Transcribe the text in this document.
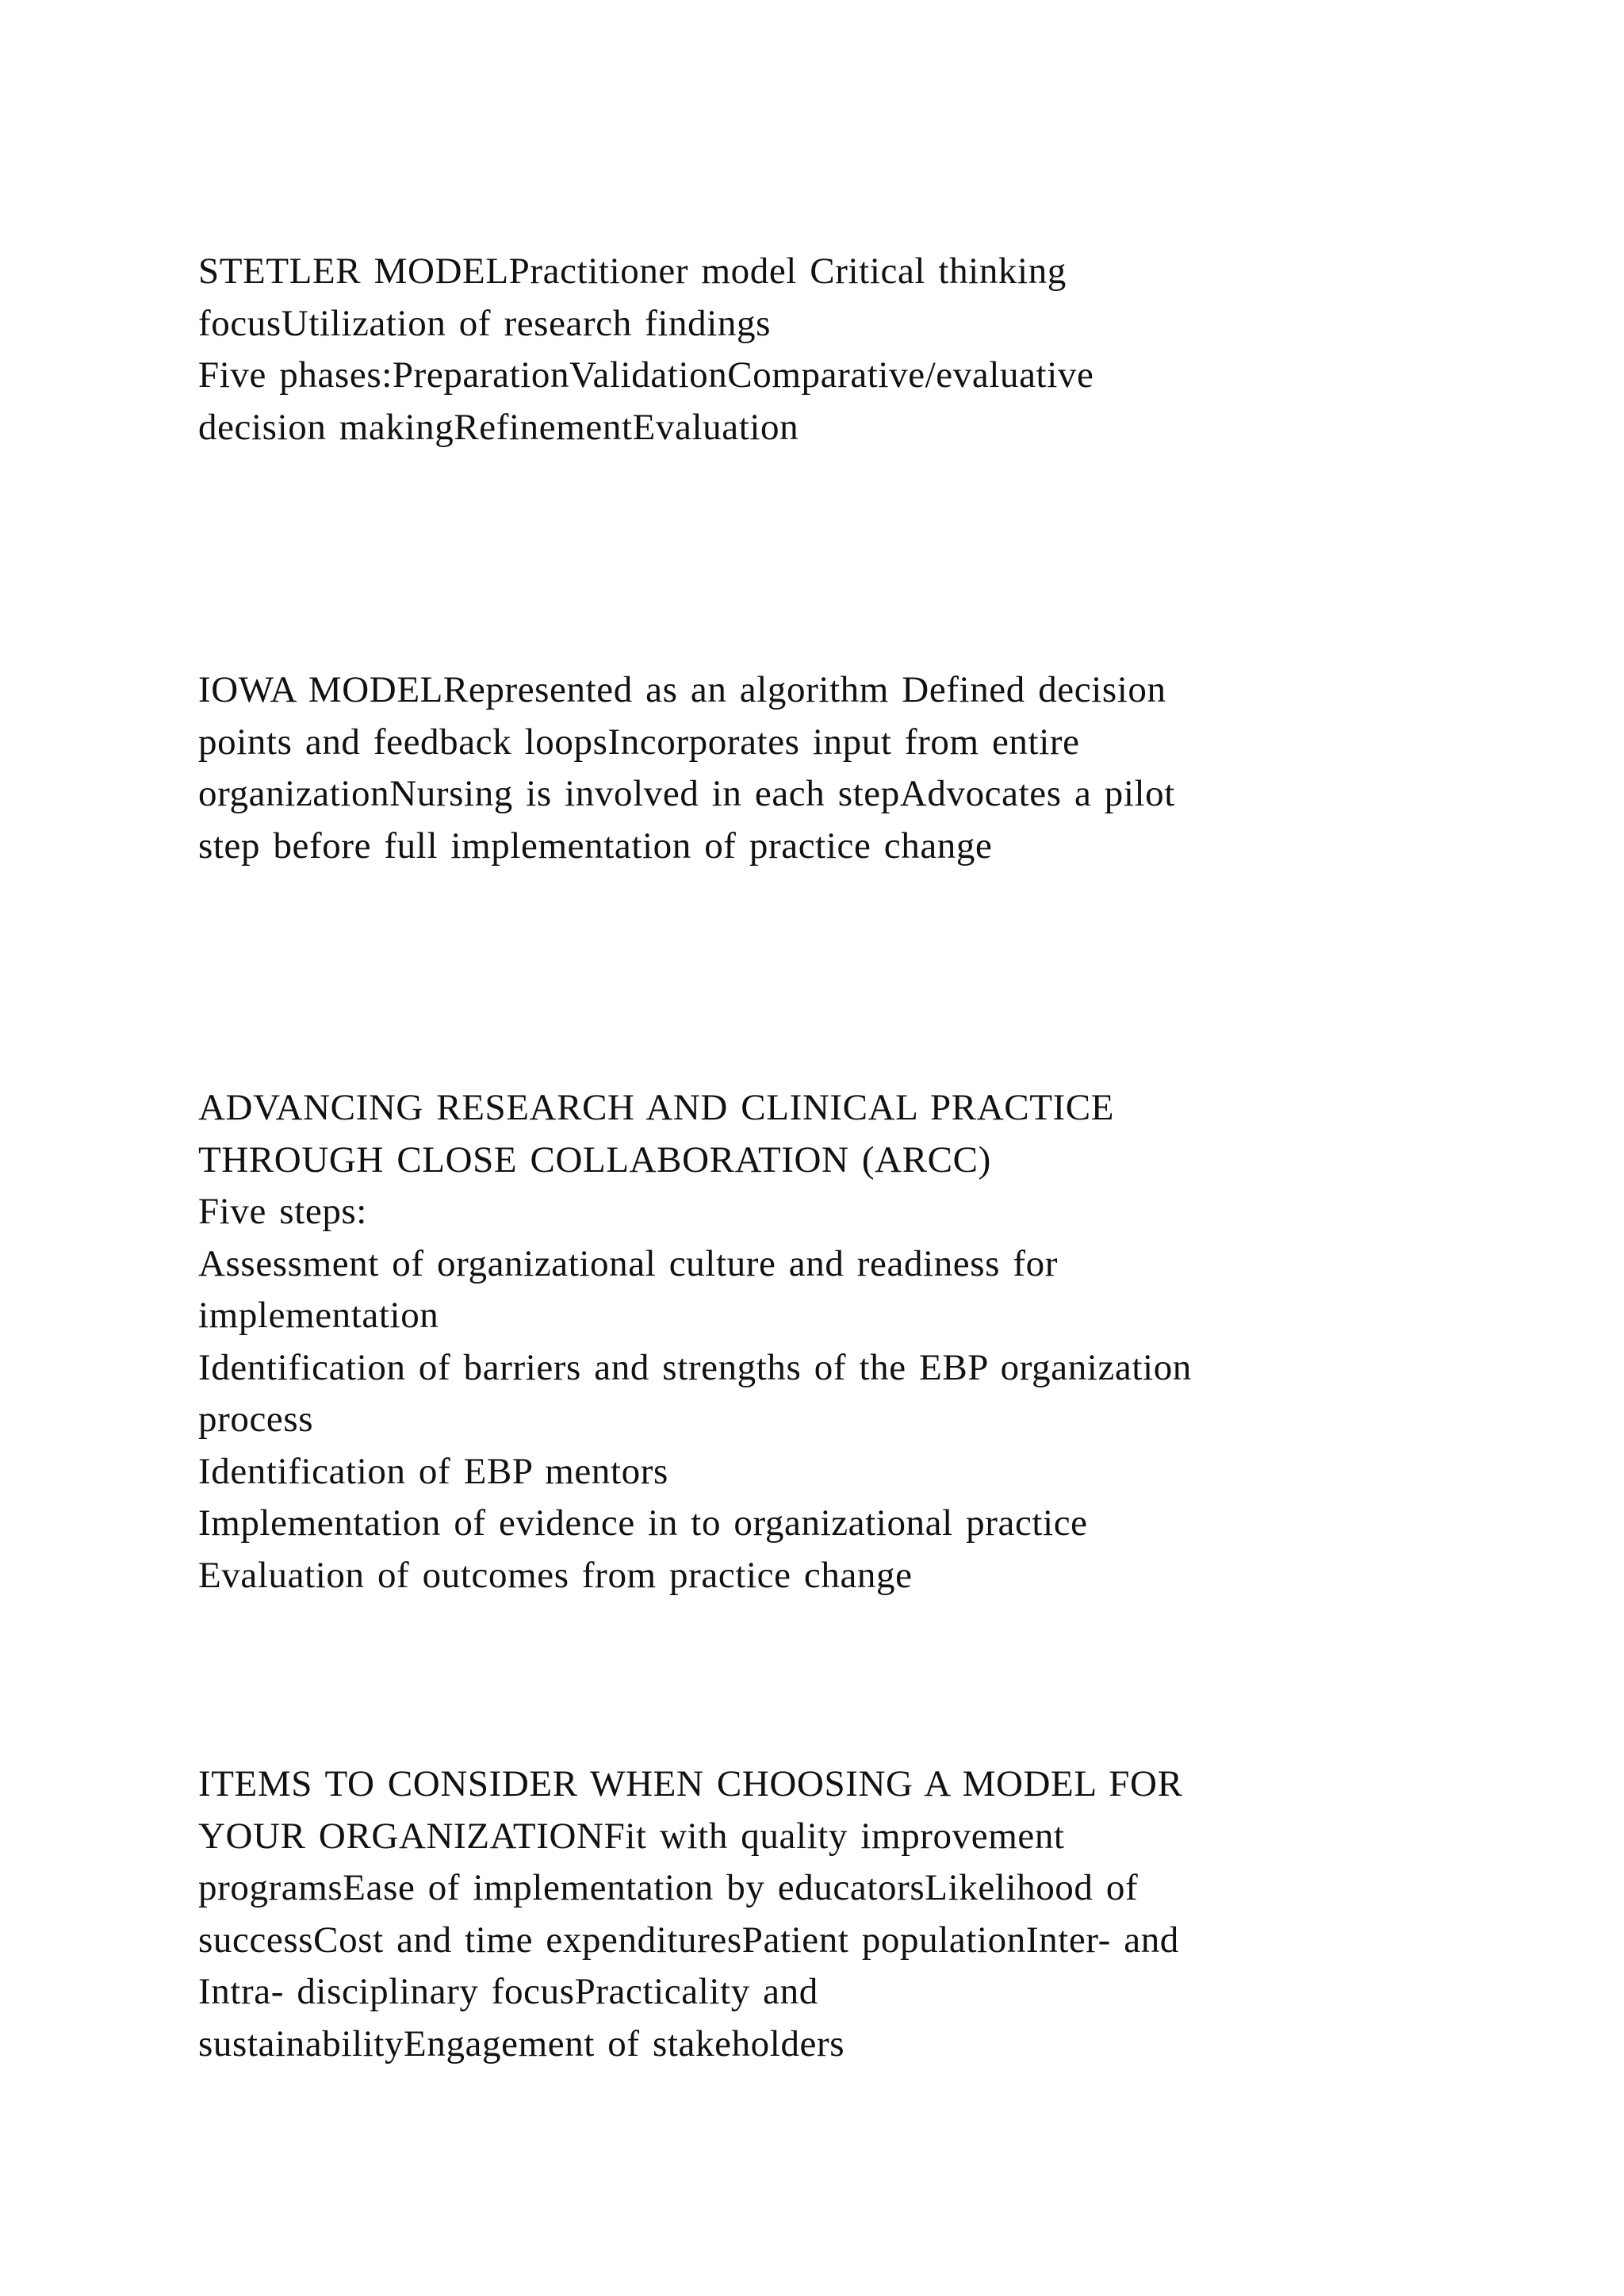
STETLER MODELPractitioner model Critical thinking
focusUtilization of research findings
Five phases:PreparationValidationComparative/evaluative
decision makingRefinementEvaluation
IOWA MODELRepresented as an algorithm Defined decision
points and feedback loopsIncorporates input from entire
organizationNursing is involved in each stepAdvocates a pilot
step before full implementation of practice change
ADVANCING RESEARCH AND CLINICAL PRACTICE
THROUGH CLOSE COLLABORATION (ARCC)
Five steps:
Assessment of organizational culture and readiness for
implementation
Identification of barriers and strengths of the EBP organization
process
Identification of EBP mentors
Implementation of evidence in to organizational practice
Evaluation of outcomes from practice change
ITEMS TO CONSIDER WHEN CHOOSING A MODEL FOR
YOUR ORGANIZATIONFit with quality improvement
programsEase of implementation by educatorsLikelihood of
successCost and time expendituresPatient populationInter- and
Intra- disciplinary focusPracticality and
sustainabilityEngagement of stakeholders
